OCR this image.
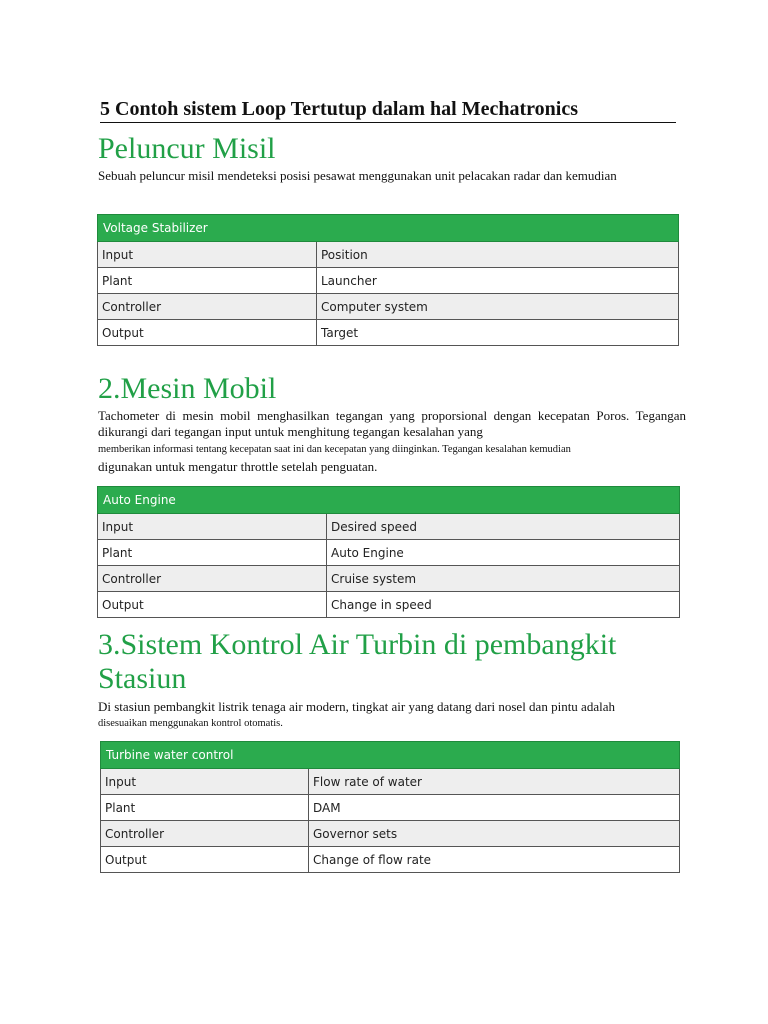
5 Contoh sistem Loop Tertutup dalam hal Mechatronics
Peluncur Misil
Sebuah peluncur misil mendeteksi posisi pesawat menggunakan unit pelacakan radar dan kemudian
Voltage Stabilizer	
Input	Position
Plant	Launcher
Controller	Computer system
Output	Target
2.Mesin Mobil
Tachometer di mesin mobil menghasilkan tegangan yang proporsional dengan kecepatan Poros. Tegangan dikurangi dari tegangan input untuk menghitung tegangan kesalahan yang
memberikan informasi tentang kecepatan saat ini dan kecepatan yang diinginkan. Tegangan kesalahan kemudian
digunakan untuk mengatur throttle setelah penguatan.
Auto Engine	
Input	Desired speed
Plant	Auto Engine
Controller	Cruise system
Output	Change in speed
3.Sistem Kontrol Air Turbin di pembangkit Stasiun
Di stasiun pembangkit listrik tenaga air modern, tingkat air yang datang dari nosel dan pintu adalah
disesuaikan menggunakan kontrol otomatis.
Turbine water control	
Input	Flow rate of water
Plant	DAM
Controller	Governor sets
Output	Change of flow rate
